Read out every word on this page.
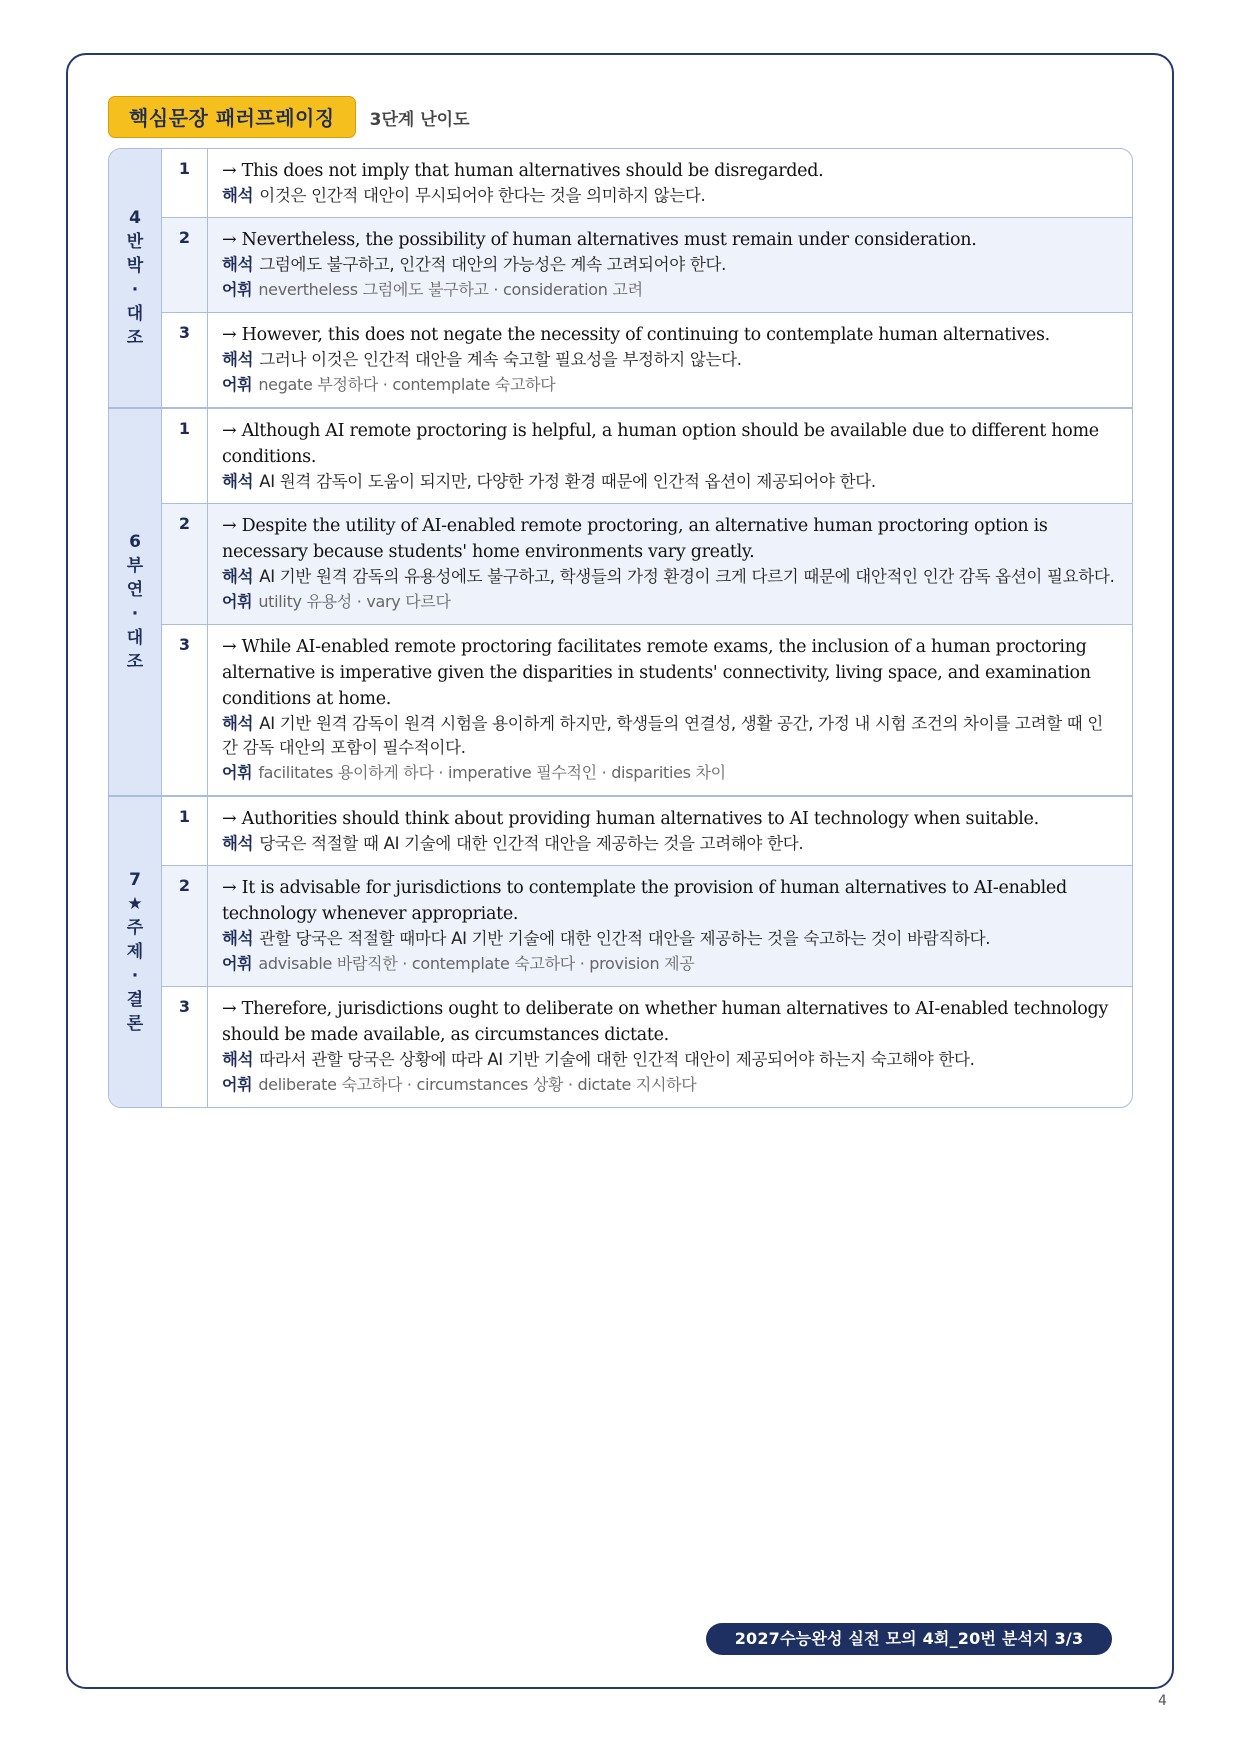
핵심문장 패러프레이징	3단계 난이도
4 반박·대조
1	→ This does not imply that human alternatives should be disregarded.
해석 이것은 인간적 대안이 무시되어야 한다는 것을 의미하지 않는다.
2	→ Nevertheless, the possibility of human alternatives must remain under consideration.
해석 그럼에도 불구하고, 인간적 대안의 가능성은 계속 고려되어야 한다.
어휘 nevertheless 그럼에도 불구하고 · consideration 고려
3	→ However, this does not negate the necessity of continuing to contemplate human alternatives.
해석 그러나 이것은 인간적 대안을 계속 숙고할 필요성을 부정하지 않는다.
어휘 negate 부정하다 · contemplate 숙고하다
6 부연·대조
1	→ Although AI remote proctoring is helpful, a human option should be available due to different home conditions.
해석 AI 원격 감독이 도움이 되지만, 다양한 가정 환경 때문에 인간적 옵션이 제공되어야 한다.
2	→ Despite the utility of AI-enabled remote proctoring, an alternative human proctoring option is necessary because students' home environments vary greatly.
해석 AI 기반 원격 감독의 유용성에도 불구하고, 학생들의 가정 환경이 크게 다르기 때문에 대안적인 인간 감독 옵션이 필요하다.
어휘 utility 유용성 · vary 다르다
3	→ While AI-enabled remote proctoring facilitates remote exams, the inclusion of a human proctoring alternative is imperative given the disparities in students' connectivity, living space, and examination conditions at home.
해석 AI 기반 원격 감독이 원격 시험을 용이하게 하지만, 학생들의 연결성, 생활 공간, 가정 내 시험 조건의 차이를 고려할 때 인간 감독 대안의 포함이 필수적이다.
어휘 facilitates 용이하게 하다 · imperative 필수적인 · disparities 차이
7 ★ 주제·결론
1	→ Authorities should think about providing human alternatives to AI technology when suitable.
해석 당국은 적절할 때 AI 기술에 대한 인간적 대안을 제공하는 것을 고려해야 한다.
2	→ It is advisable for jurisdictions to contemplate the provision of human alternatives to AI-enabled technology whenever appropriate.
해석 관할 당국은 적절할 때마다 AI 기반 기술에 대한 인간적 대안을 제공하는 것을 숙고하는 것이 바람직하다.
어휘 advisable 바람직한 · contemplate 숙고하다 · provision 제공
3	→ Therefore, jurisdictions ought to deliberate on whether human alternatives to AI-enabled technology should be made available, as circumstances dictate.
해석 따라서 관할 당국은 상황에 따라 AI 기반 기술에 대한 인간적 대안이 제공되어야 하는지 숙고해야 한다.
어휘 deliberate 숙고하다 · circumstances 상황 · dictate 지시하다
2027수능완성 실전 모의 4회_20번 분석지 3/3
4
